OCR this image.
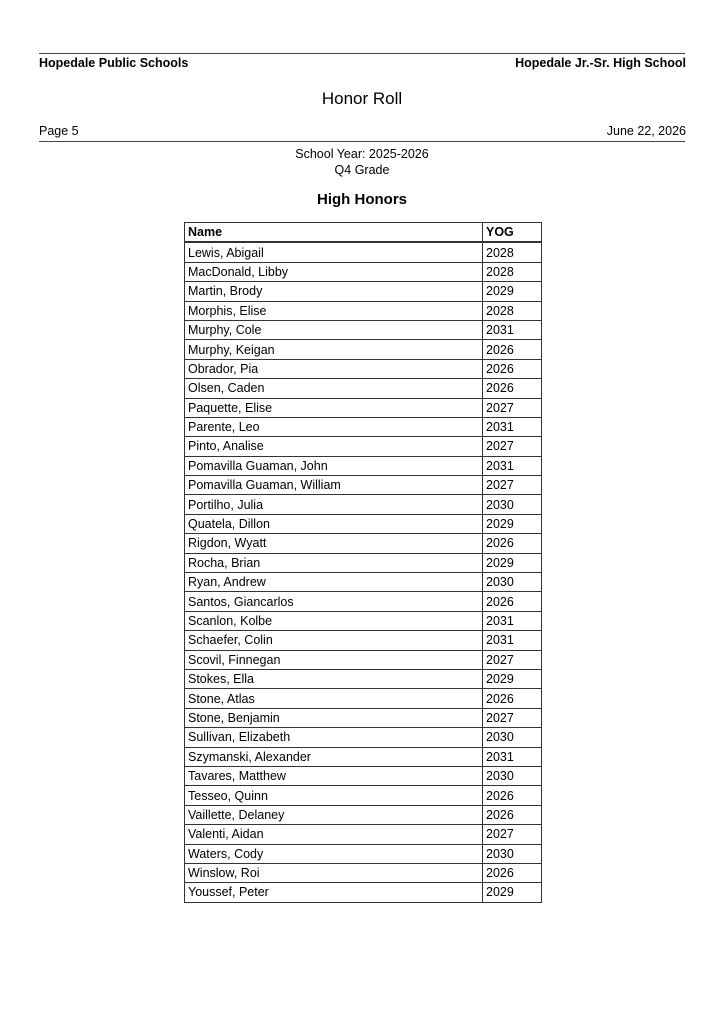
Hopedale Public Schools	Hopedale Jr.-Sr. High School
Honor Roll
Page 5	June 22, 2026
School Year: 2025-2026
Q4 Grade
High Honors
Name	YOG
Lewis, Abigail	2028
MacDonald, Libby	2028
Martin, Brody	2029
Morphis, Elise	2028
Murphy, Cole	2031
Murphy, Keigan	2026
Obrador, Pia	2026
Olsen, Caden	2026
Paquette, Elise	2027
Parente, Leo	2031
Pinto, Analise	2027
Pomavilla Guaman, John	2031
Pomavilla Guaman, William	2027
Portilho, Julia	2030
Quatela, Dillon	2029
Rigdon, Wyatt	2026
Rocha, Brian	2029
Ryan, Andrew	2030
Santos, Giancarlos	2026
Scanlon, Kolbe	2031
Schaefer, Colin	2031
Scovil, Finnegan	2027
Stokes, Ella	2029
Stone, Atlas	2026
Stone, Benjamin	2027
Sullivan, Elizabeth	2030
Szymanski, Alexander	2031
Tavares, Matthew	2030
Tesseo, Quinn	2026
Vaillette, Delaney	2026
Valenti, Aidan	2027
Waters, Cody	2030
Winslow, Roi	2026
Youssef, Peter	2029
